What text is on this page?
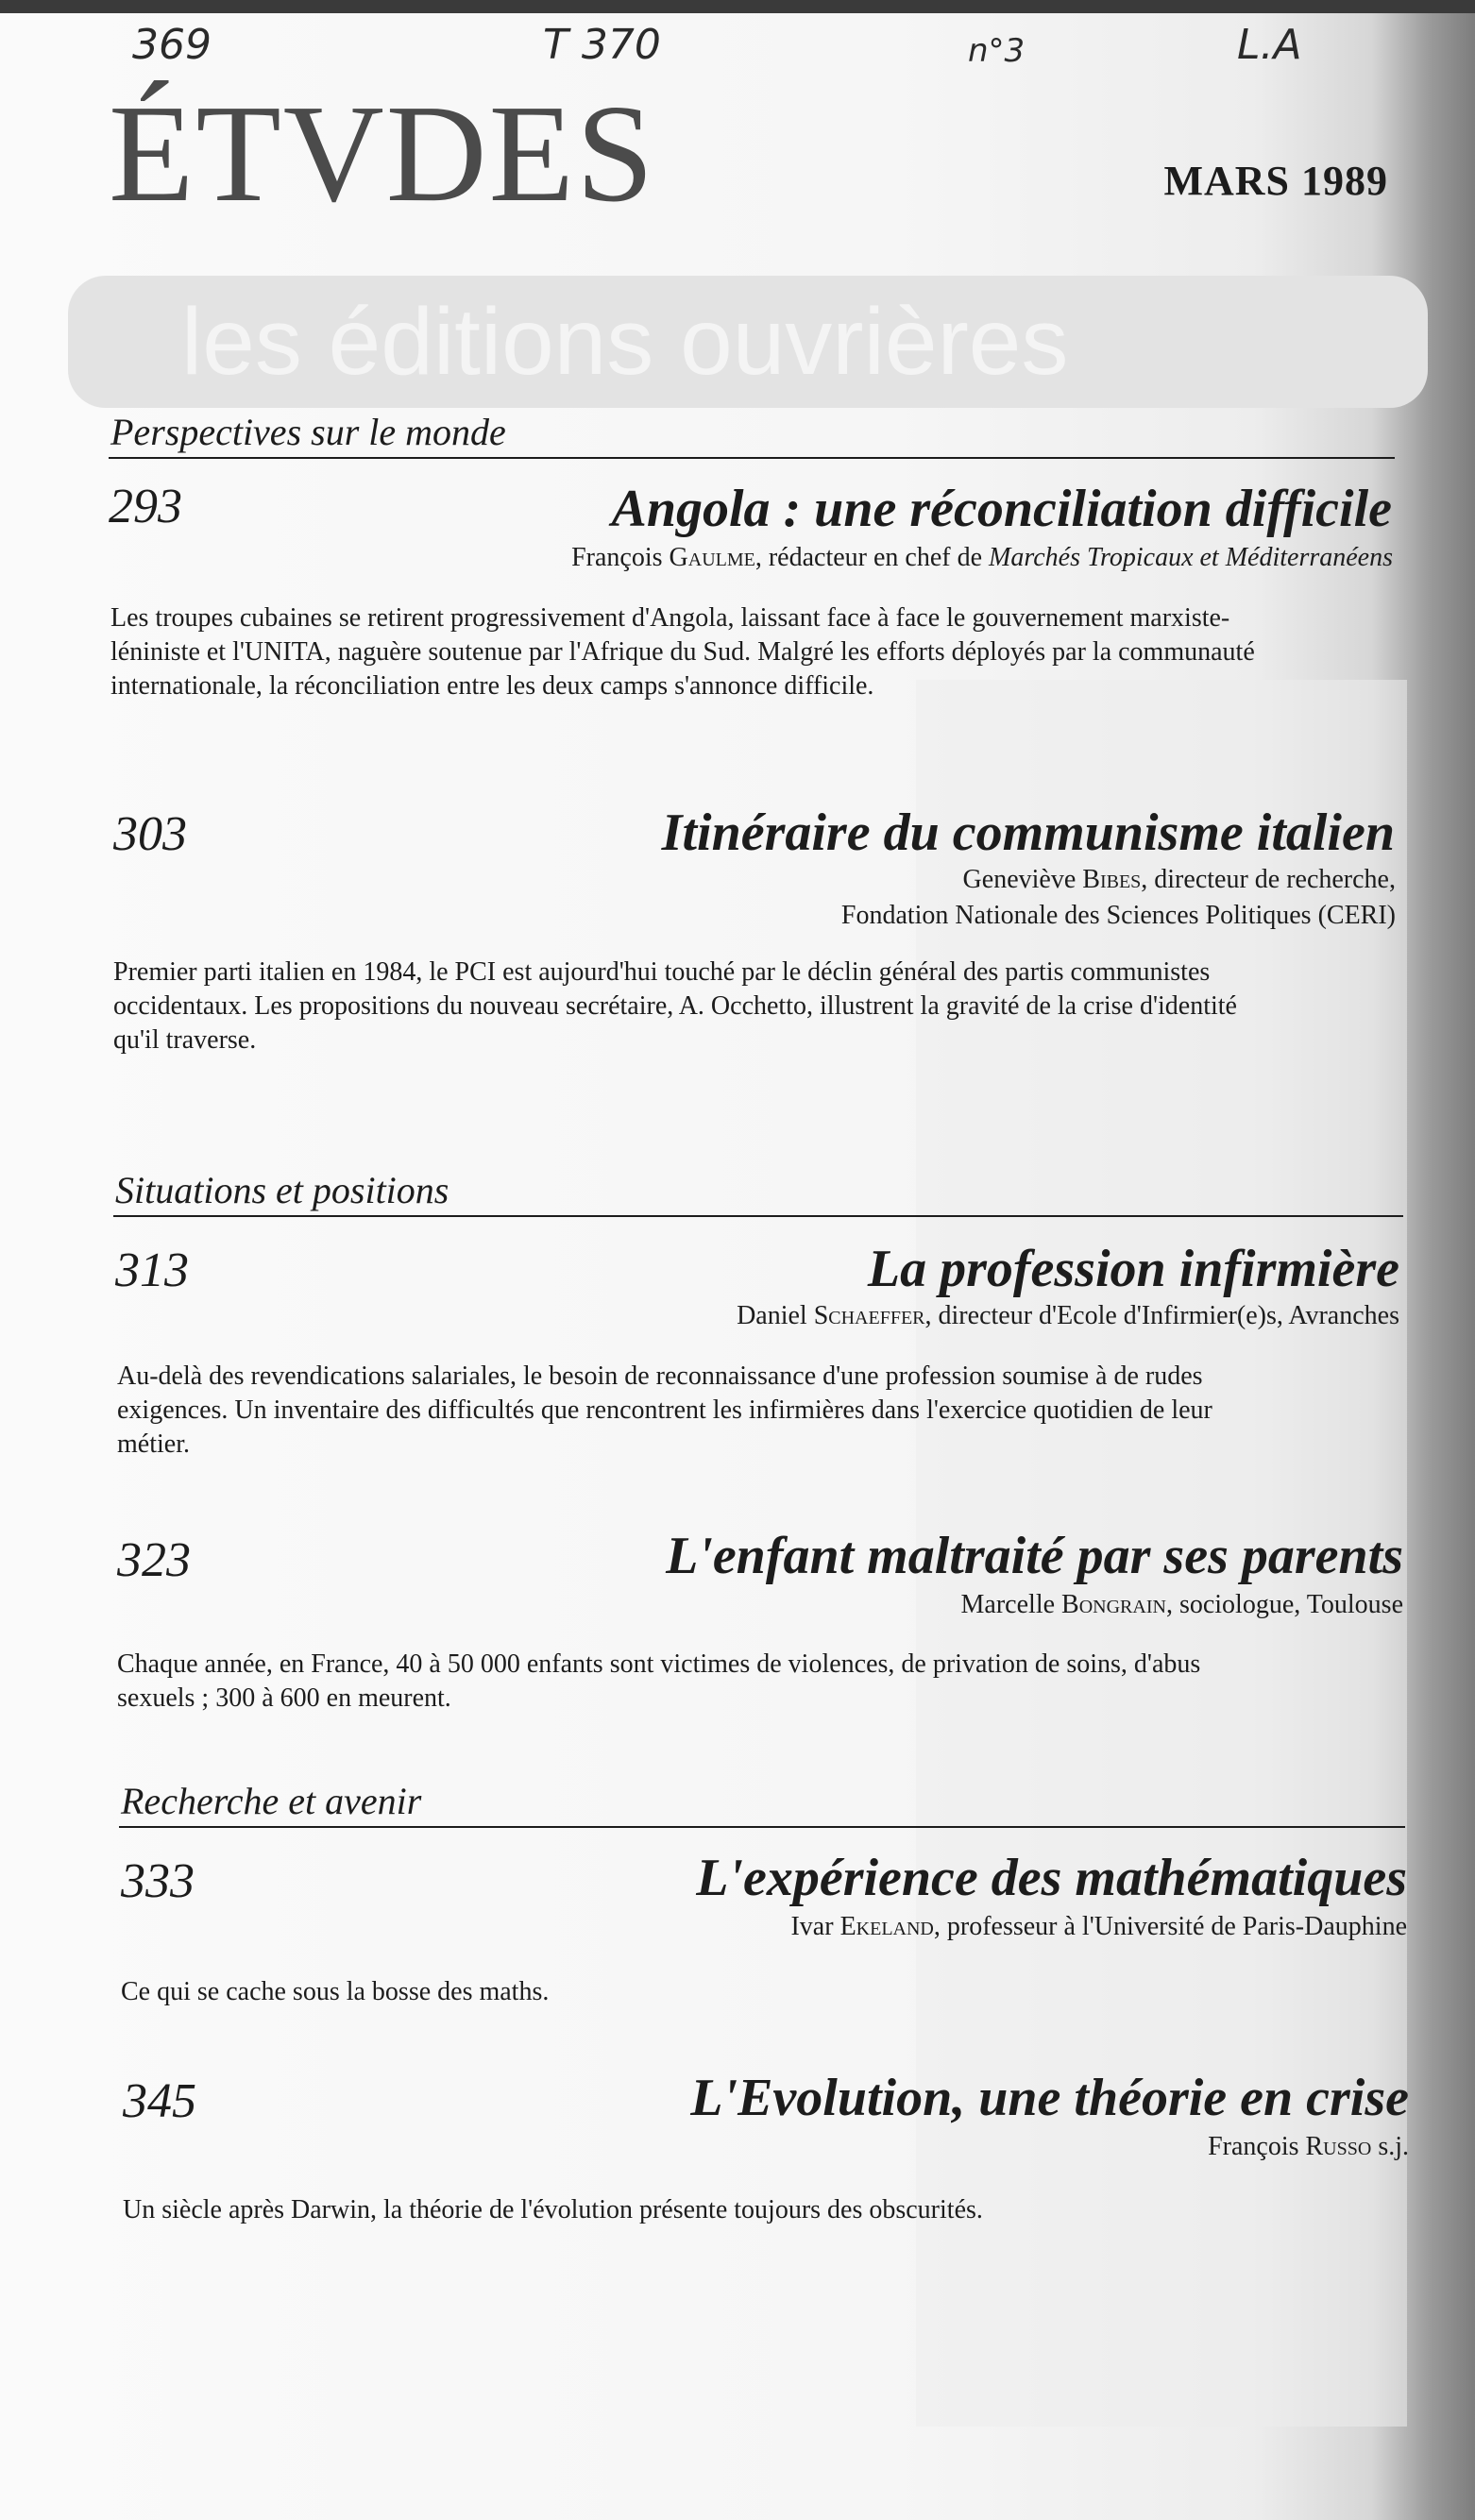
les éditions ouvrières
369	T 370	n°3	L.A
ÉTVDES	MARS 1989
Perspectives sur le monde
293	Angola : une réconciliation difficile
François Gaulme, rédacteur en chef de Marchés Tropicaux et Méditerranéens
Les troupes cubaines se retirent progressivement d'Angola, laissant face à face le gouvernement marxiste-léniniste et l'UNITA, naguère soutenue par l'Afrique du Sud. Malgré les efforts déployés par la communauté internationale, la réconciliation entre les deux camps s'annonce difficile.
303	Itinéraire du communisme italien
Geneviève Bibes, directeur de recherche,
Fondation Nationale des Sciences Politiques (CERI)
Premier parti italien en 1984, le PCI est aujourd'hui touché par le déclin général des partis communistes occidentaux. Les propositions du nouveau secrétaire, A. Occhetto, illustrent la gravité de la crise d'identité qu'il traverse.
Situations et positions
313	La profession infirmière
Daniel Schaeffer, directeur d'Ecole d'Infirmier(e)s, Avranches
Au-delà des revendications salariales, le besoin de reconnaissance d'une profession soumise à de rudes exigences. Un inventaire des difficultés que rencontrent les infirmières dans l'exercice quotidien de leur métier.
323	L'enfant maltraité par ses parents
Marcelle Bongrain, sociologue, Toulouse
Chaque année, en France, 40 à 50 000 enfants sont victimes de violences, de privation de soins, d'abus sexuels ; 300 à 600 en meurent.
Recherche et avenir
333	L'expérience des mathématiques
Ivar Ekeland, professeur à l'Université de Paris-Dauphine
Ce qui se cache sous la bosse des maths.
345	L'Evolution, une théorie en crise
François Russo s.j.
Un siècle après Darwin, la théorie de l'évolution présente toujours des obscurités.
